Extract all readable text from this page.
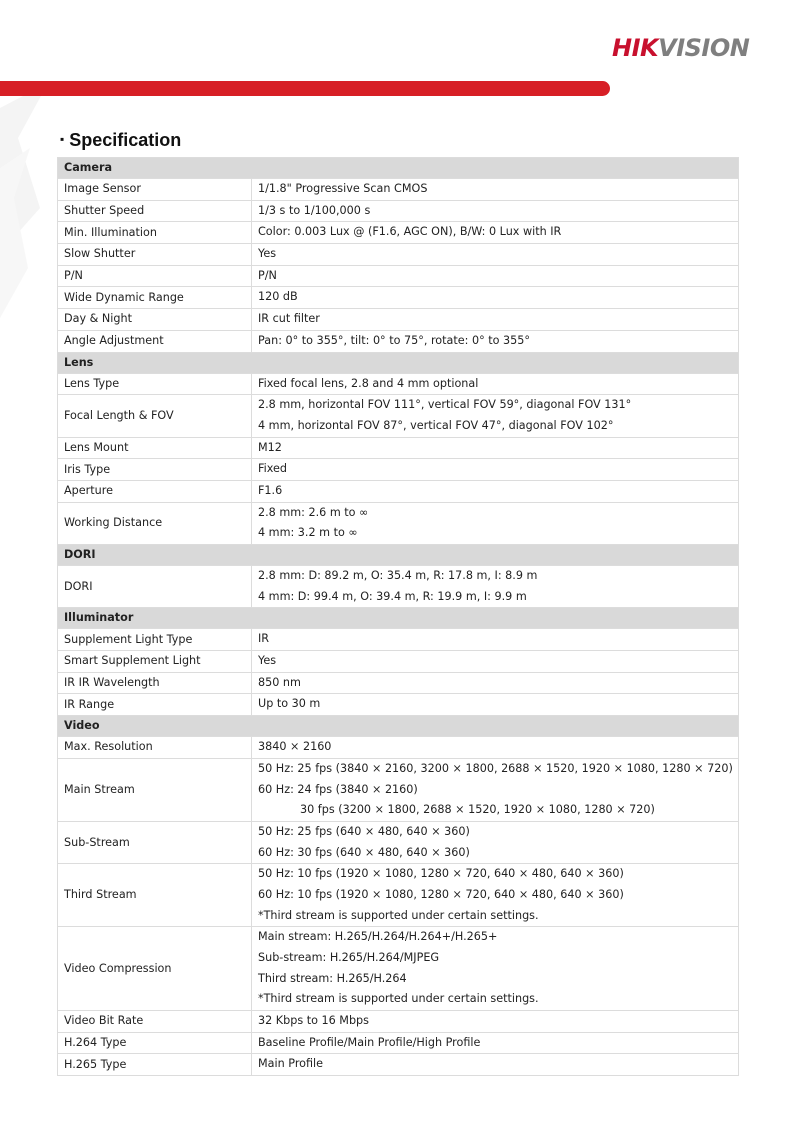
HIKVISION
▪ Specification
Camera	
Image Sensor	1/1.8" Progressive Scan CMOS

Shutter Speed	1/3 s to 1/100,000 s

Min. Illumination	Color: 0.003 Lux @ (F1.6, AGC ON), B/W: 0 Lux with IR

Slow Shutter	Yes

P/N	P/N

Wide Dynamic Range	120 dB

Day & Night	IR cut filter

Angle Adjustment	Pan: 0° to 355°, tilt: 0° to 75°, rotate: 0° to 355°

Lens	
Lens Type	Fixed focal lens, 2.8 and 4 mm optional

Focal Length & FOV	2.8 mm, horizontal FOV 111°, vertical FOV 59°, diagonal FOV 131°
4 mm, horizontal FOV 87°, vertical FOV 47°, diagonal FOV 102°

Lens Mount	M12

Iris Type	Fixed

Aperture	F1.6

Working Distance	2.8 mm: 2.6 m to ∞
4 mm: 3.2 m to ∞

DORI	
DORI	2.8 mm: D: 89.2 m, O: 35.4 m, R: 17.8 m, I: 8.9 m
4 mm: D: 99.4 m, O: 39.4 m, R: 19.9 m, I: 9.9 m

Illuminator	
Supplement Light Type	IR

Smart Supplement Light	Yes

IR IR Wavelength	850 nm

IR Range	Up to 30 m

Video	
Max. Resolution	3840 × 2160

Main Stream	50 Hz: 25 fps (3840 × 2160, 3200 × 1800, 2688 × 1520, 1920 × 1080, 1280 × 720)
60 Hz: 24 fps (3840 × 2160)
30 fps (3200 × 1800, 2688 × 1520, 1920 × 1080, 1280 × 720)

Sub-Stream	50 Hz: 25 fps (640 × 480, 640 × 360)
60 Hz: 30 fps (640 × 480, 640 × 360)

Third Stream	50 Hz: 10 fps (1920 × 1080, 1280 × 720, 640 × 480, 640 × 360)
60 Hz: 10 fps (1920 × 1080, 1280 × 720, 640 × 480, 640 × 360)
*Third stream is supported under certain settings.

Video Compression	Main stream: H.265/H.264/H.264+/H.265+
Sub-stream: H.265/H.264/MJPEG
Third stream: H.265/H.264
*Third stream is supported under certain settings.

Video Bit Rate	32 Kbps to 16 Mbps

H.264 Type	Baseline Profile/Main Profile/High Profile

H.265 Type	Main Profile
